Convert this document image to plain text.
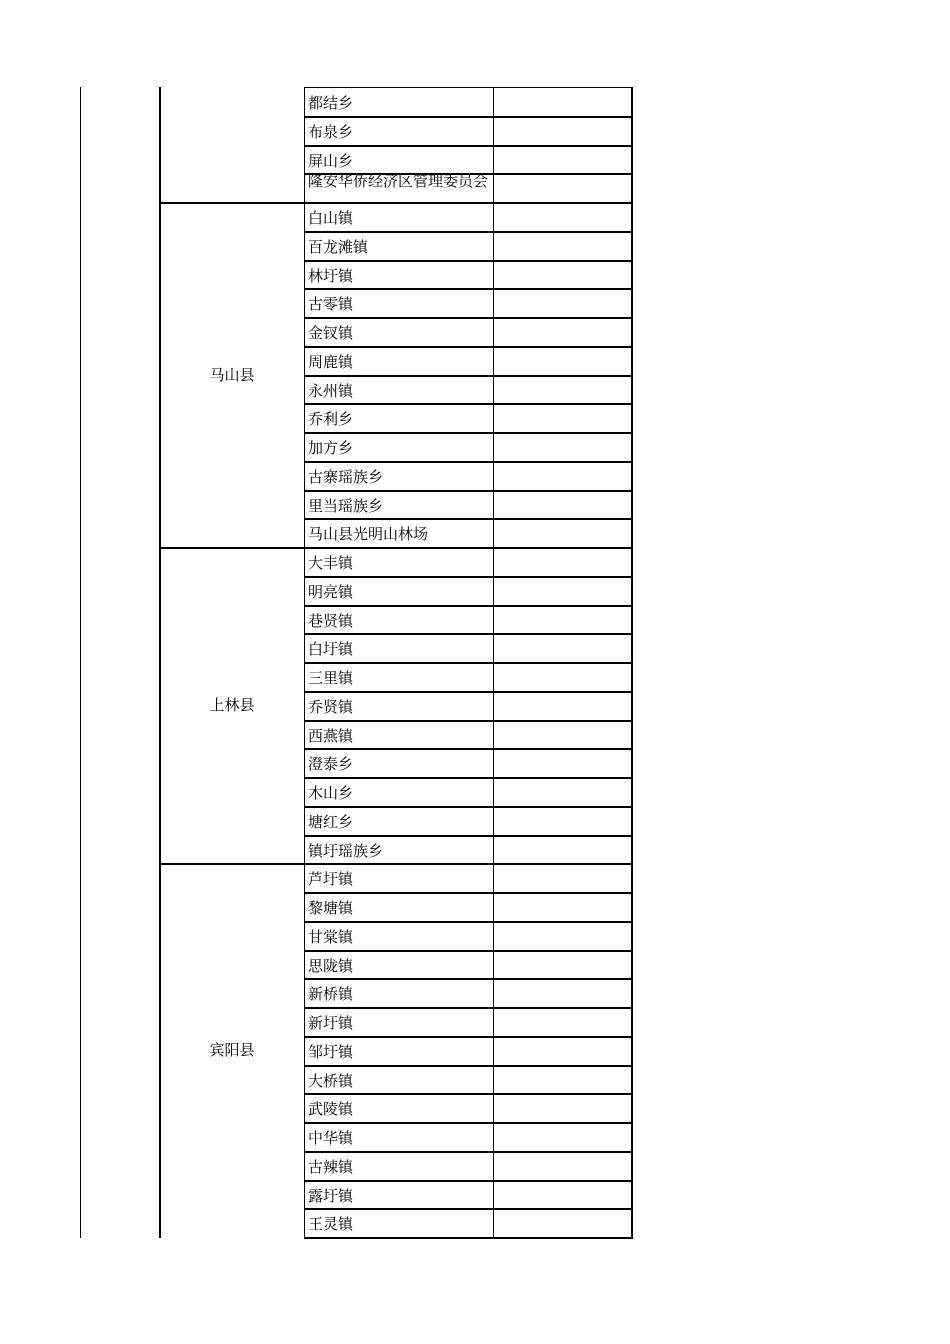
都结乡
布泉乡
屏山乡
隆安华侨经济区管理委员会
白山镇
百龙滩镇
林圩镇
古零镇
金钗镇
周鹿镇
永州镇
乔利乡
加方乡
古寨瑶族乡
里当瑶族乡
马山县光明山林场
马山县
大丰镇
明亮镇
巷贤镇
白圩镇
三里镇
乔贤镇
西燕镇
澄泰乡
木山乡
塘红乡
镇圩瑶族乡
上林县
芦圩镇
黎塘镇
甘棠镇
思陇镇
新桥镇
新圩镇
邹圩镇
大桥镇
武陵镇
中华镇
古辣镇
露圩镇
王灵镇
宾阳县
